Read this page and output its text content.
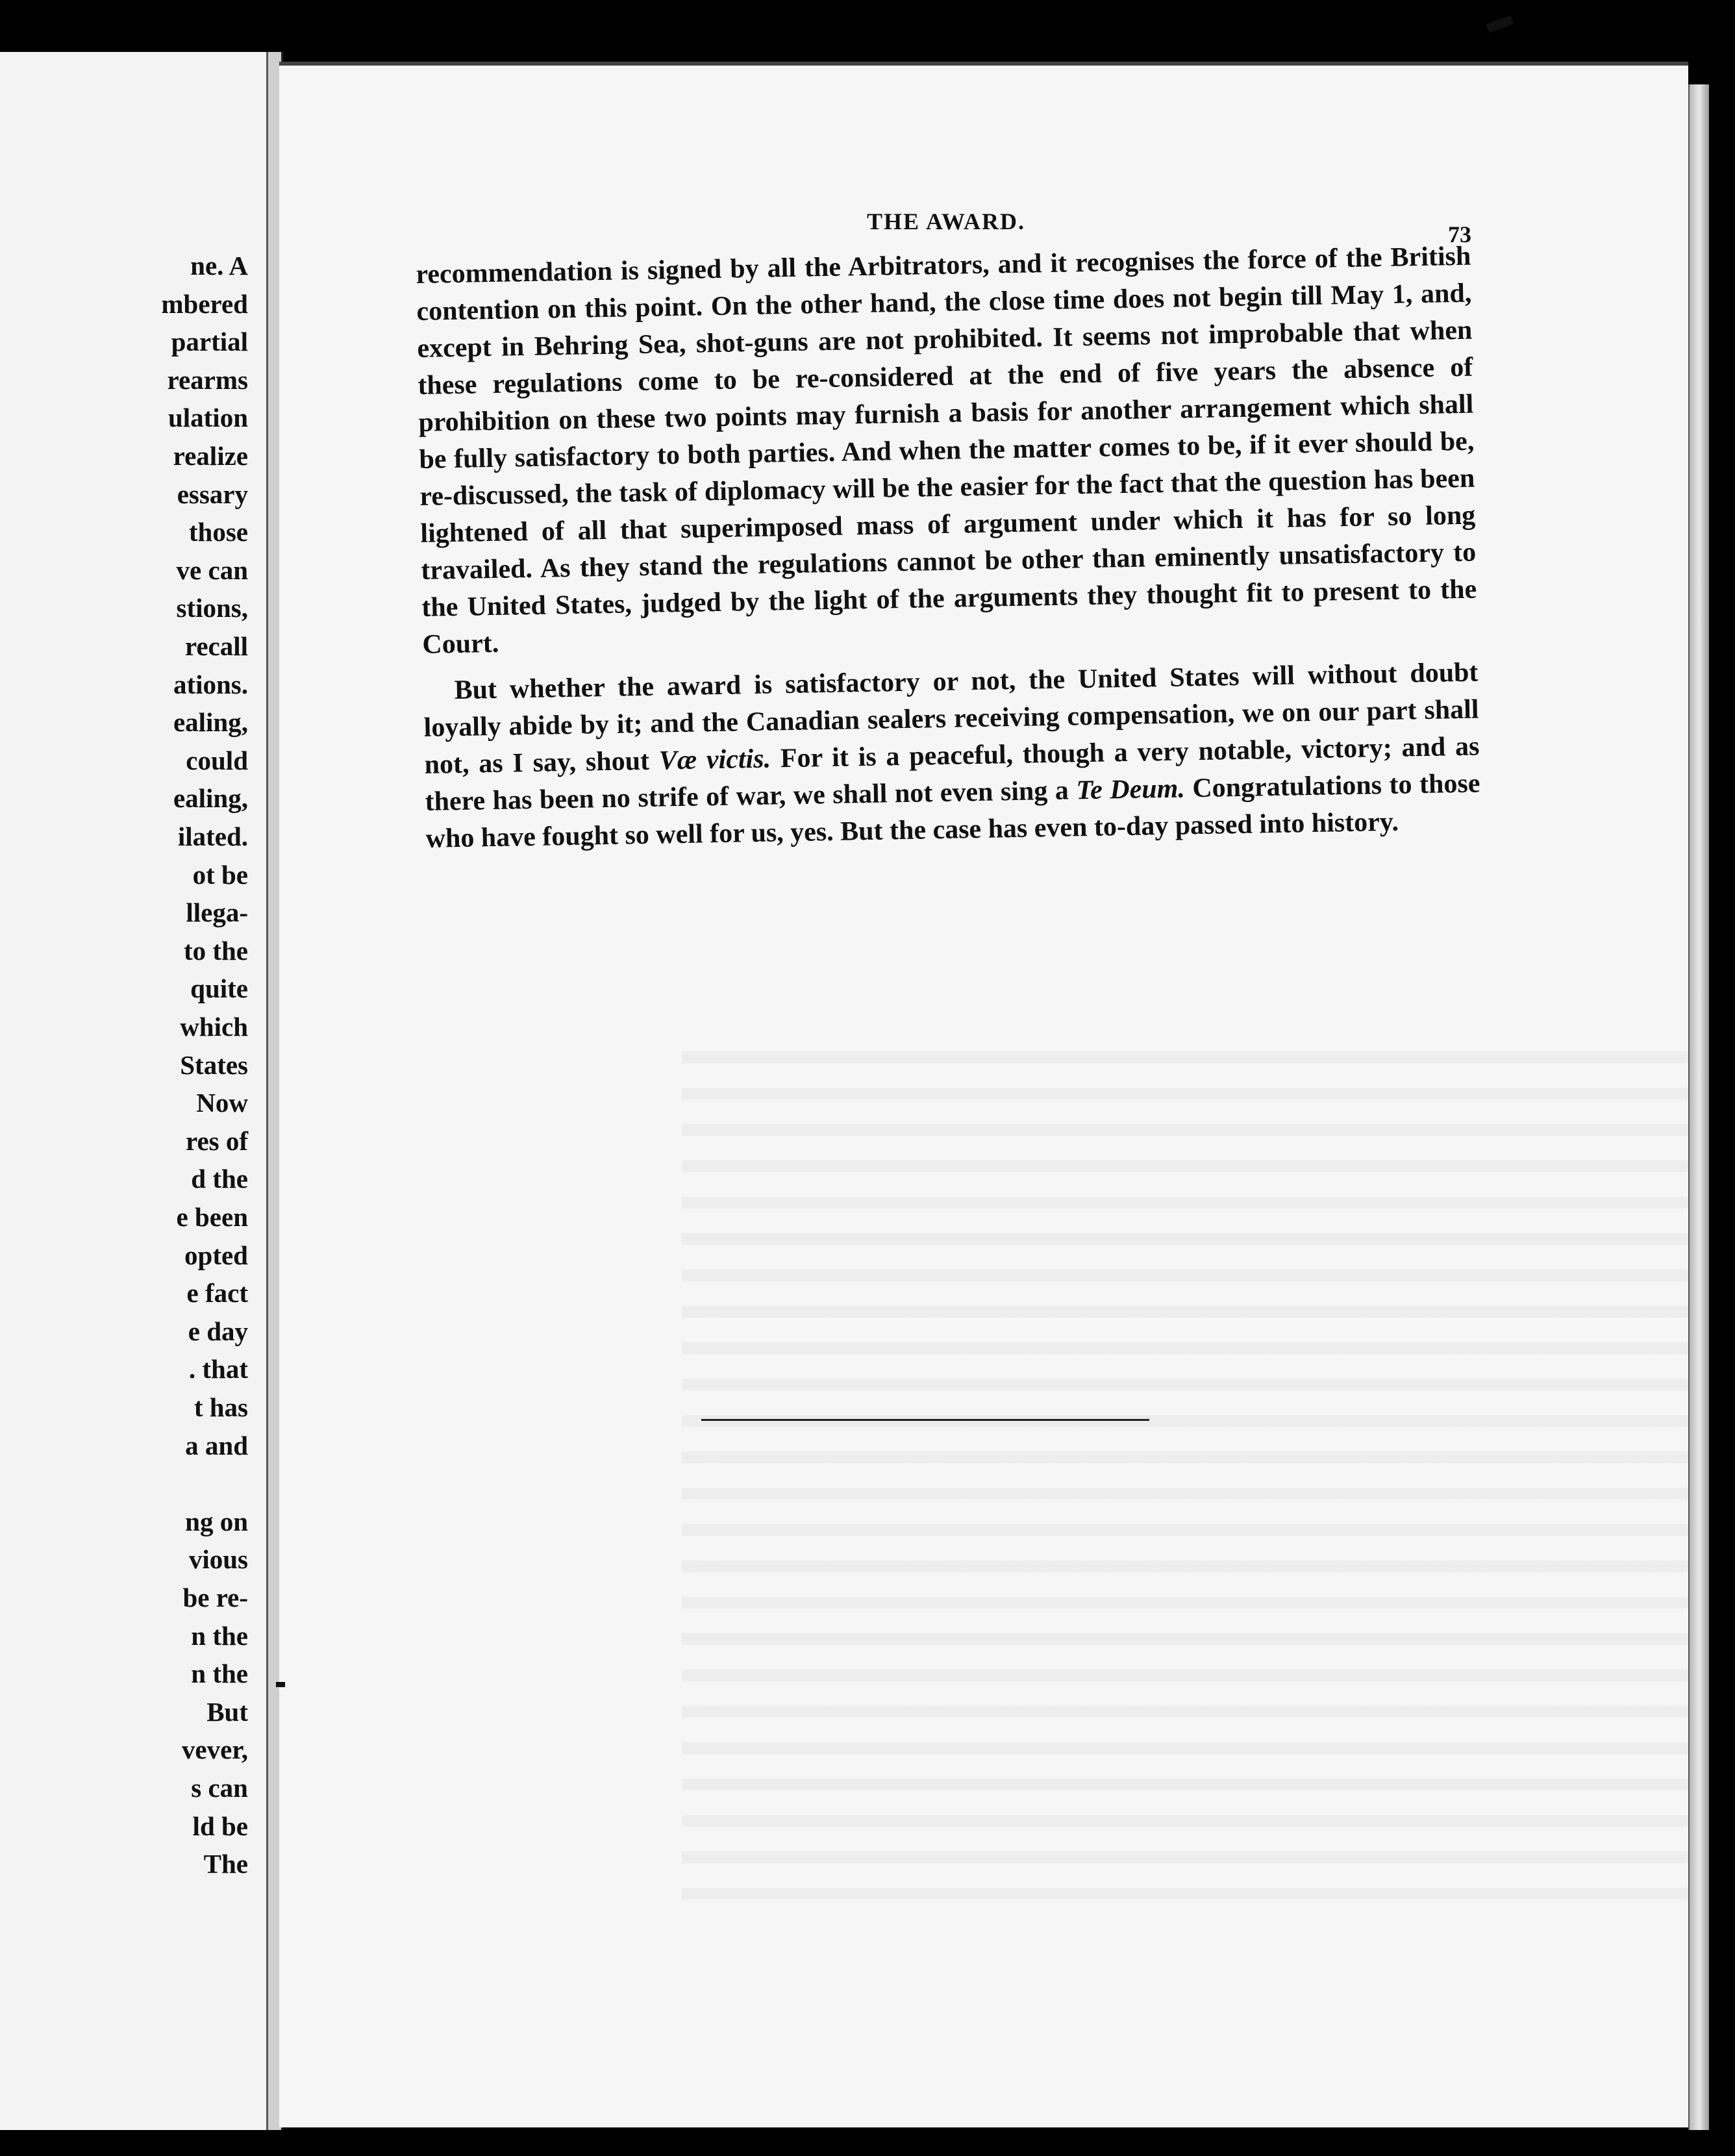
ne. A
mbered
partial
rearms
ulation
realize
essary
those
ve can
stions,
recall
ations.
ealing,
could
ealing,
ilated.
ot be
llega-
to the
quite
which
States
Now
res of
d the
e been
opted
e fact
e day
. that
t has
a and
ng on
vious
be re-
n the
n the
But
vever,
s can
ld be
The
THE AWARD.	73

recommendation is signed by all the Arbitrators, and it recognises the force of the British contention on this point. On the other hand, the close time does not begin till May 1, and, except in Behring Sea, shot-guns are not prohibited. It seems not improbable that when these regulations come to be re-considered at the end of five years the absence of prohibition on these two points may furnish a basis for another arrangement which shall be fully satisfactory to both parties. And when the matter comes to be, if it ever should be, re-discussed, the task of diplomacy will be the easier for the fact that the question has been lightened of all that superimposed mass of argument under which it has for so long travailed. As they stand the regulations cannot be other than eminently unsatisfactory to the United States, judged by the light of the arguments they thought fit to present to the Court.

But whether the award is satisfactory or not, the United States will without doubt loyally abide by it; and the Canadian sealers receiving compensation, we on our part shall not, as I say, shout Væ victis. For it is a peaceful, though a very notable, victory; and as there has been no strife of war, we shall not even sing a Te Deum. Congratulations to those who have fought so well for us, yes. But the case has even to-day passed into history.
